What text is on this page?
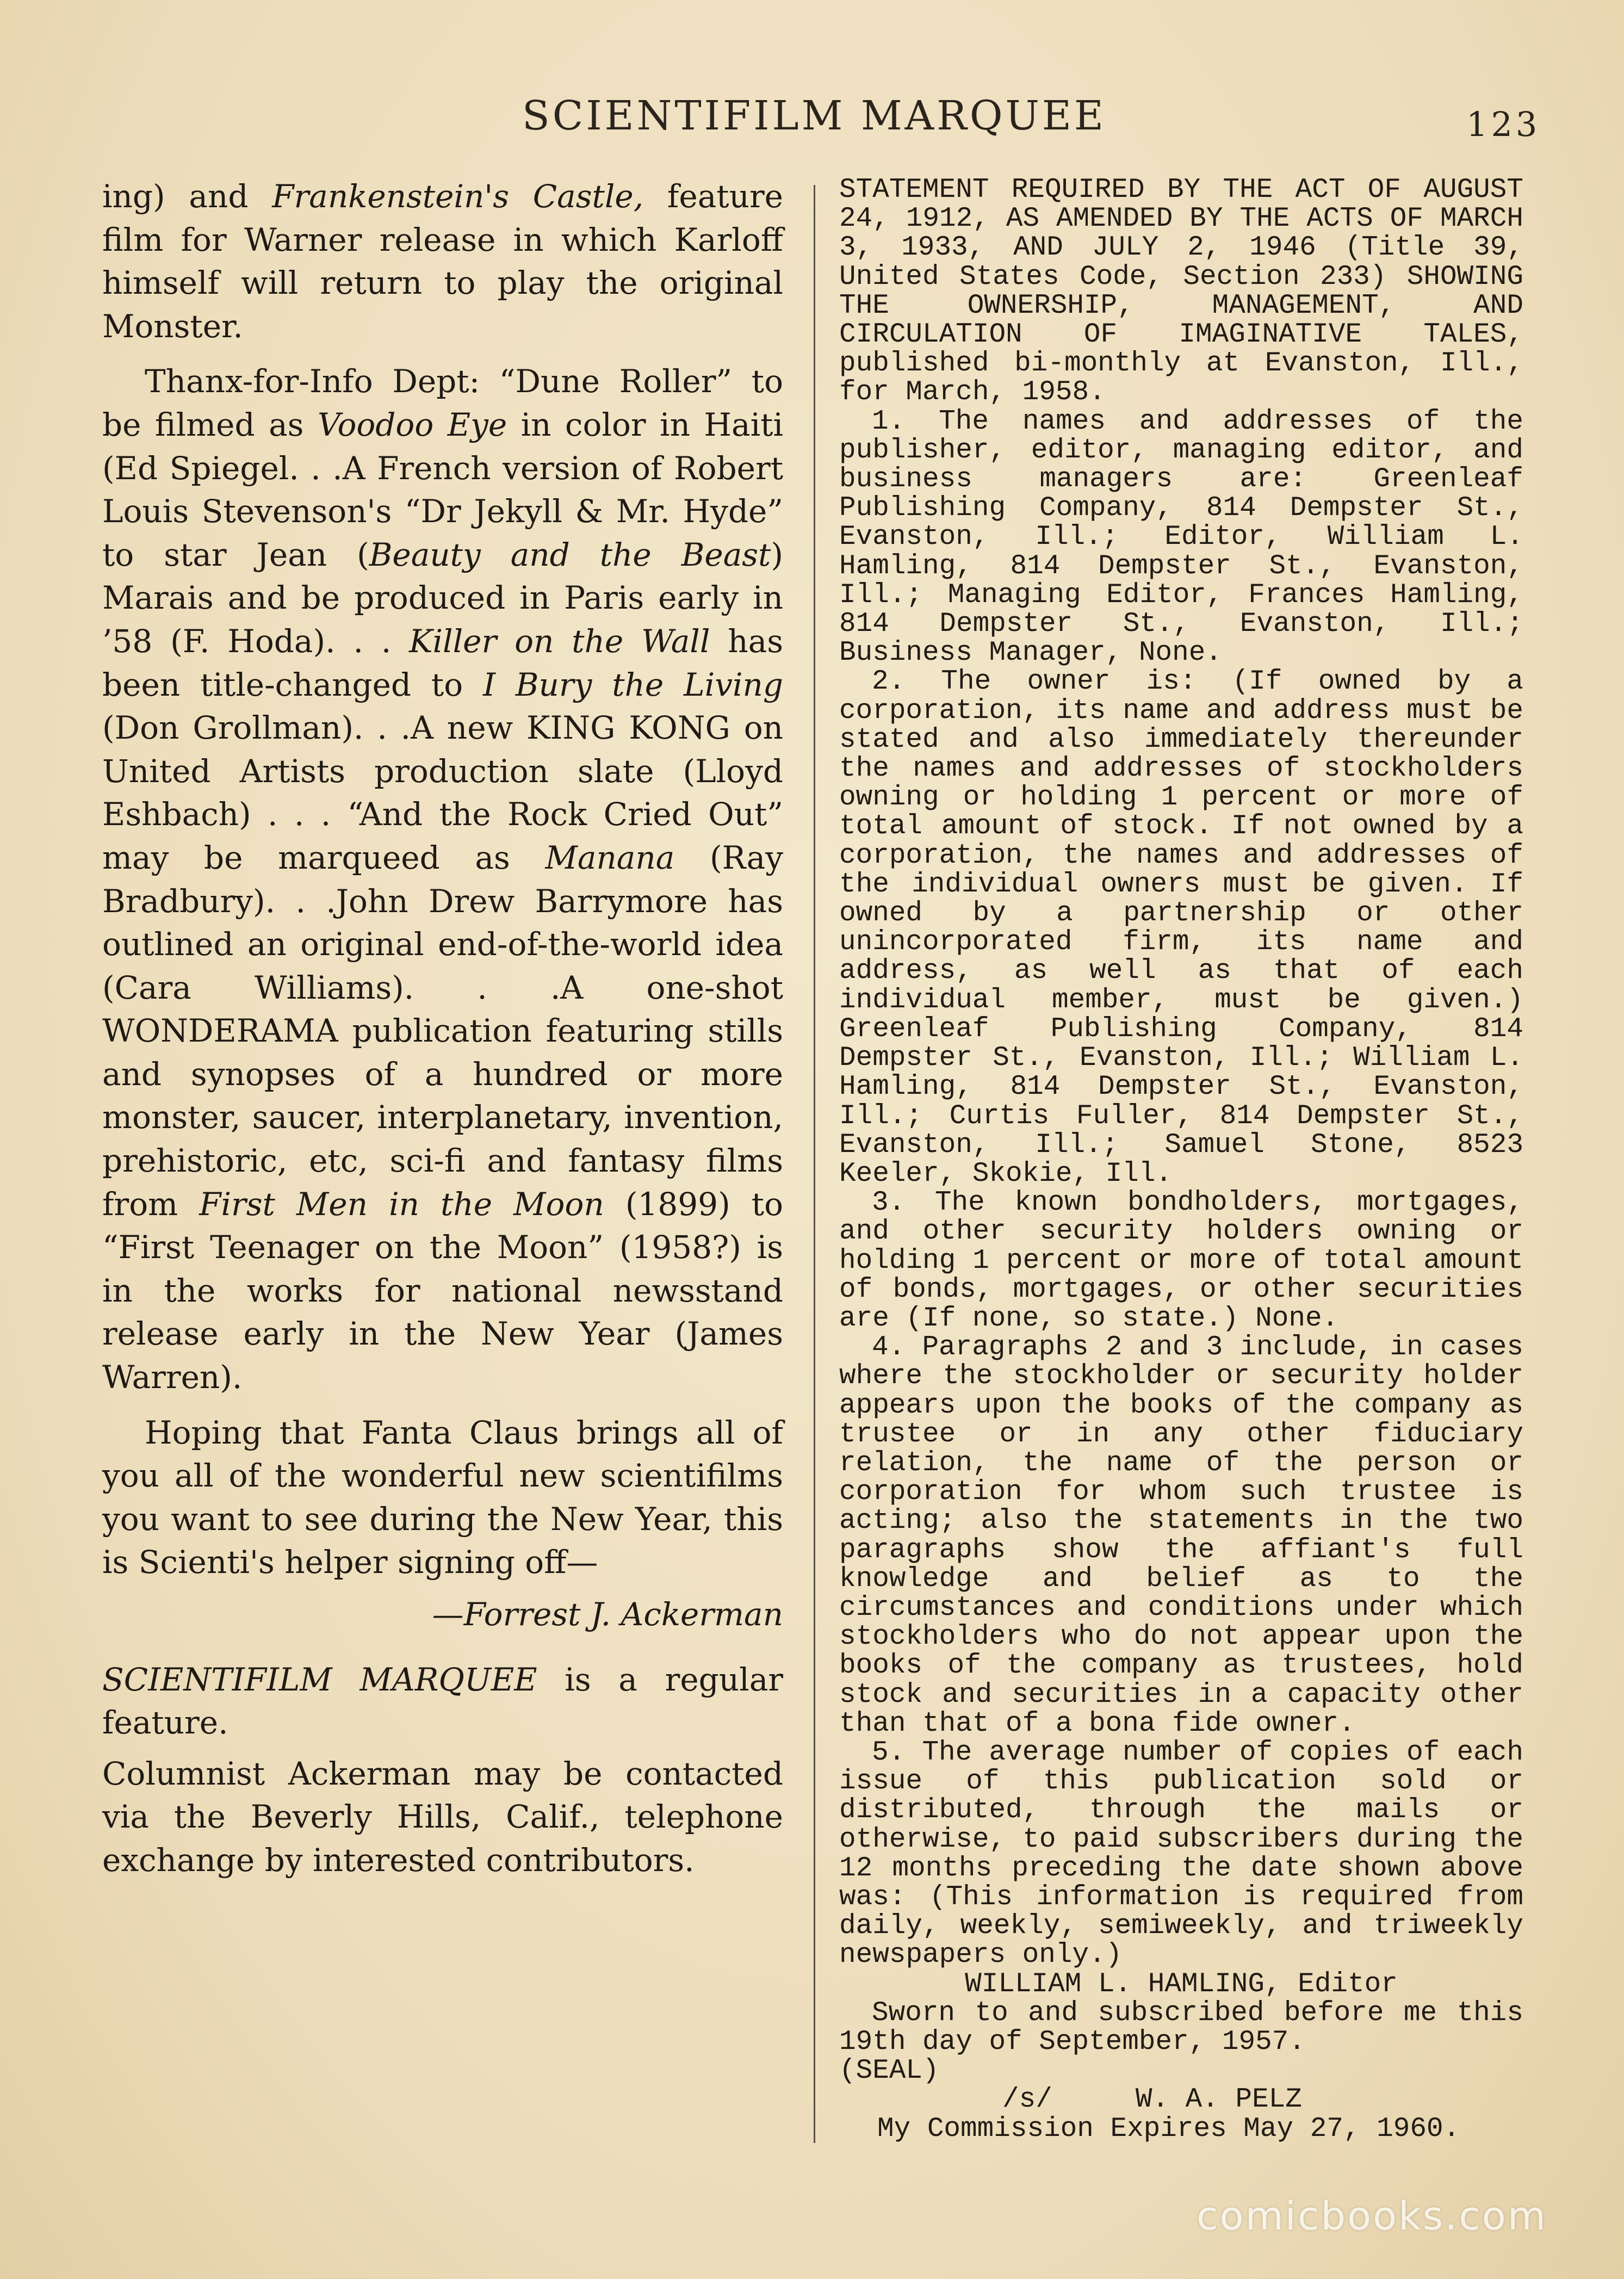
SCIENTIFILM MARQUEE	123

ing) and Frankenstein's Castle, feature film for Warner release in which Karloff himself will return to play the original Monster.

Thanx-for-Info Dept: “Dune Roller” to be filmed as Voodoo Eye in color in Haiti (Ed Spiegel. . .A French version of Robert Louis Stevenson's “Dr Jekyll & Mr. Hyde” to star Jean (Beauty and the Beast) Marais and be produced in Paris early in ’58 (F. Hoda). . . Killer on the Wall has been title-changed to I Bury the Living (Don Grollman). . .A new KING KONG on United Artists production slate (Lloyd Eshbach) . . . “And the Rock Cried Out” may be marqueed as Manana (Ray Bradbury). . .John Drew Barrymore has outlined an original end-of-the-world idea (Cara Williams). . .A one-shot WONDERAMA publication featuring stills and synopses of a hundred or more monster, saucer, interplanetary, invention, prehistoric, etc, sci-fi and fantasy films from First Men in the Moon (1899) to “First Teenager on the Moon” (1958?) is in the works for national newsstand release early in the New Year (James Warren).

Hoping that Fanta Claus brings all of you all of the wonderful new scientifilms you want to see during the New Year, this is Scienti's helper signing off—

—Forrest J. Ackerman

SCIENTIFILM MARQUEE is a regular feature.

Columnist Ackerman may be contacted via the Beverly Hills, Calif., telephone exchange by interested contributors.

STATEMENT REQUIRED BY THE ACT OF AUGUST 24, 1912, AS AMENDED BY THE ACTS OF MARCH 3, 1933, AND JULY 2, 1946 (Title 39, United States Code, Section 233) SHOWING THE OWNERSHIP, MANAGEMENT, AND CIRCULATION OF IMAGINATIVE TALES, published bi-monthly at Evanston, Ill., for March, 1958.

1. The names and addresses of the publisher, editor, managing editor, and business managers are: Greenleaf Publishing Company, 814 Dempster St., Evanston, Ill.; Editor, William L. Hamling, 814 Dempster St., Evanston, Ill.; Managing Editor, Frances Hamling, 814 Dempster St., Evanston, Ill.; Business Manager, None.

2. The owner is: (If owned by a corporation, its name and address must be stated and also immediately thereunder the names and addresses of stockholders owning or holding 1 percent or more of total amount of stock. If not owned by a corporation, the names and addresses of the individual owners must be given. If owned by a partnership or other unincorporated firm, its name and address, as well as that of each individual member, must be given.) Greenleaf Publishing Company, 814 Dempster St., Evanston, Ill.; William L. Hamling, 814 Dempster St., Evanston, Ill.; Curtis Fuller, 814 Dempster St., Evanston, Ill.; Samuel Stone, 8523 Keeler, Skokie, Ill.

3. The known bondholders, mortgages, and other security holders owning or holding 1 percent or more of total amount of bonds, mortgages, or other securities are (If none, so state.) None.

4. Paragraphs 2 and 3 include, in cases where the stockholder or security holder appears upon the books of the company as trustee or in any other fiduciary relation, the name of the person or corporation for whom such trustee is acting; also the statements in the two paragraphs show the affiant's full knowledge and belief as to the circumstances and conditions under which stockholders who do not appear upon the books of the company as trustees, hold stock and securities in a capacity other than that of a bona fide owner.

5. The average number of copies of each issue of this publication sold or distributed, through the mails or otherwise, to paid subscribers during the 12 months preceding the date shown above was: (This information is required from daily, weekly, semiweekly, and triweekly newspapers only.)

WILLIAM L. HAMLING, Editor

Sworn to and subscribed before me this 19th day of September, 1957.

(SEAL)

/s/     W. A. PELZ

My Commission Expires May 27, 1960.

comicbooks.com
